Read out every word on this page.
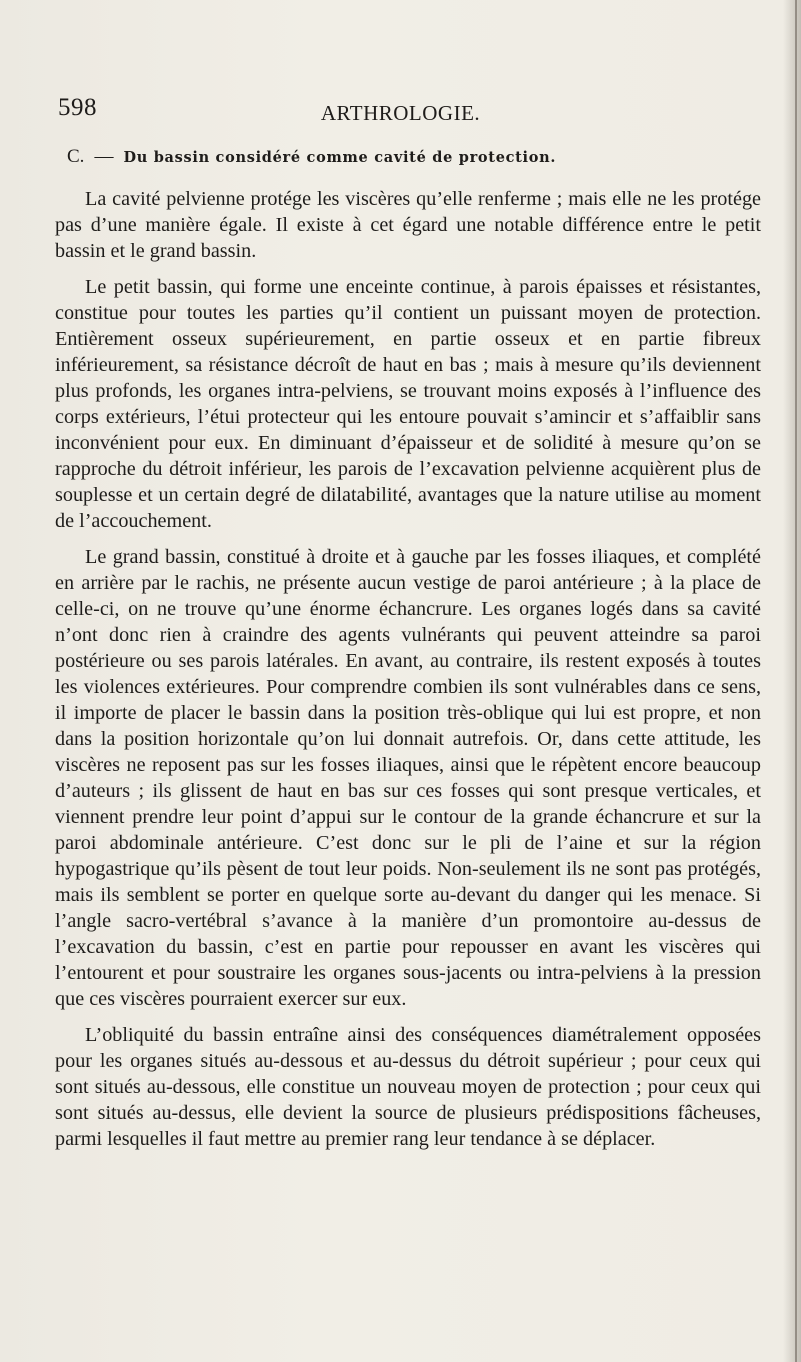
598	ARTHROLOGIE.

C. — Du bassin considéré comme cavité de protection.

La cavité pelvienne protége les viscères qu’elle renferme ; mais elle ne les protége pas d’une manière égale. Il existe à cet égard une notable différence entre le petit bassin et le grand bassin.

Le petit bassin, qui forme une enceinte continue, à parois épaisses et résistantes, constitue pour toutes les parties qu’il contient un puissant moyen de protection. Entièrement osseux supérieurement, en partie osseux et en partie fibreux inférieurement, sa résistance décroît de haut en bas ; mais à mesure qu’ils deviennent plus profonds, les organes intra-pelviens, se trouvant moins exposés à l’influence des corps extérieurs, l’étui protecteur qui les entoure pouvait s’amincir et s’affaiblir sans inconvénient pour eux. En diminuant d’épaisseur et de solidité à mesure qu’on se rapproche du détroit inférieur, les parois de l’excavation pelvienne acquièrent plus de souplesse et un certain degré de dilatabilité, avantages que la nature utilise au moment de l’accouchement.

Le grand bassin, constitué à droite et à gauche par les fosses iliaques, et complété en arrière par le rachis, ne présente aucun vestige de paroi antérieure ; à la place de celle-ci, on ne trouve qu’une énorme échancrure. Les organes logés dans sa cavité n’ont donc rien à craindre des agents vulnérants qui peuvent atteindre sa paroi postérieure ou ses parois latérales. En avant, au contraire, ils restent exposés à toutes les violences extérieures. Pour comprendre combien ils sont vulnérables dans ce sens, il importe de placer le bassin dans la position très-oblique qui lui est propre, et non dans la position horizontale qu’on lui donnait autrefois. Or, dans cette attitude, les viscères ne reposent pas sur les fosses iliaques, ainsi que le répètent encore beaucoup d’auteurs ; ils glissent de haut en bas sur ces fosses qui sont presque verticales, et viennent prendre leur point d’appui sur le contour de la grande échancrure et sur la paroi abdominale antérieure. C’est donc sur le pli de l’aine et sur la région hypogastrique qu’ils pèsent de tout leur poids. Non-seulement ils ne sont pas protégés, mais ils semblent se porter en quelque sorte au-devant du danger qui les menace. Si l’angle sacro-vertébral s’avance à la manière d’un promontoire au-dessus de l’excavation du bassin, c’est en partie pour repousser en avant les viscères qui l’entourent et pour soustraire les organes sous-jacents ou intra-pelviens à la pression que ces viscères pourraient exercer sur eux.

L’obliquité du bassin entraîne ainsi des conséquences diamétralement opposées pour les organes situés au-dessous et au-dessus du détroit supérieur ; pour ceux qui sont situés au-dessous, elle constitue un nouveau moyen de protection ; pour ceux qui sont situés au-dessus, elle devient la source de plusieurs prédispositions fâcheuses, parmi lesquelles il faut mettre au premier rang leur tendance à se déplacer.
